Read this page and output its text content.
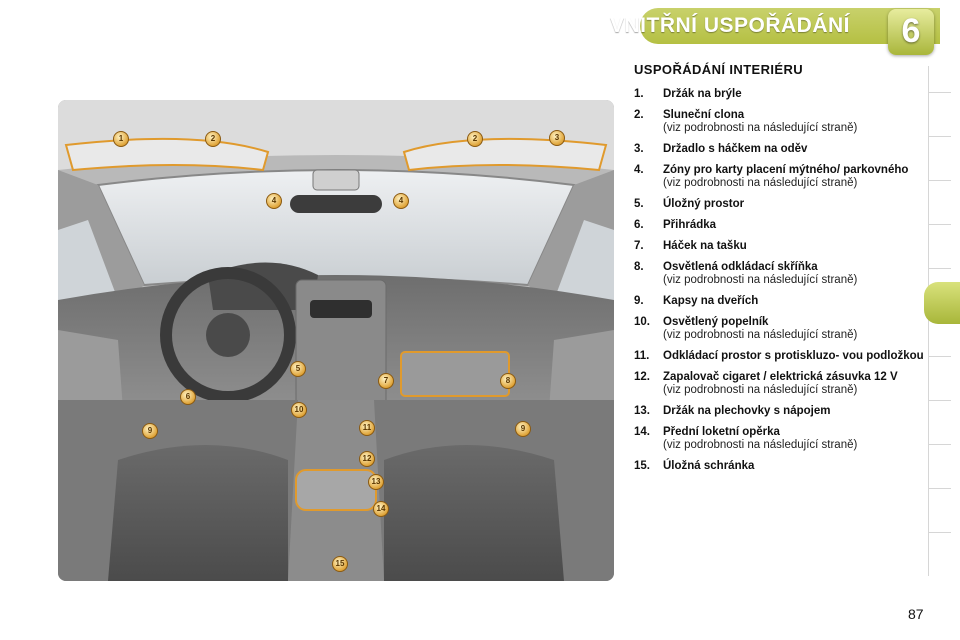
VNITŘNÍ USPOŘÁDÁNÍ	6
1	2	2	3
4	4
5
6
7	8
9	9
10
11
12
13
14
15
USPOŘÁDÁNÍ INTERIÉRU
1. Držák na brýle
2. Sluneční clona
(viz podrobnosti na následující straně)
3. Držadlo s háčkem na oděv
4. Zóny pro karty placení mýtného/ parkovného
(viz podrobnosti na následující straně)
5. Úložný prostor
6. Přihrádka
7. Háček na tašku
8. Osvětlená odkládací skříňka
(viz podrobnosti na následující straně)
9. Kapsy na dveřích
10. Osvětlený popelník
(viz podrobnosti na následující straně)
11. Odkládací prostor s protiskluzo- vou podložkou
12. Zapalovač cigaret / elektrická zásuvka 12 V
(viz podrobnosti na následující straně)
13. Držák na plechovky s nápojem
14. Přední loketní opěrka
(viz podrobnosti na následující straně)
15. Úložná schránka
87
